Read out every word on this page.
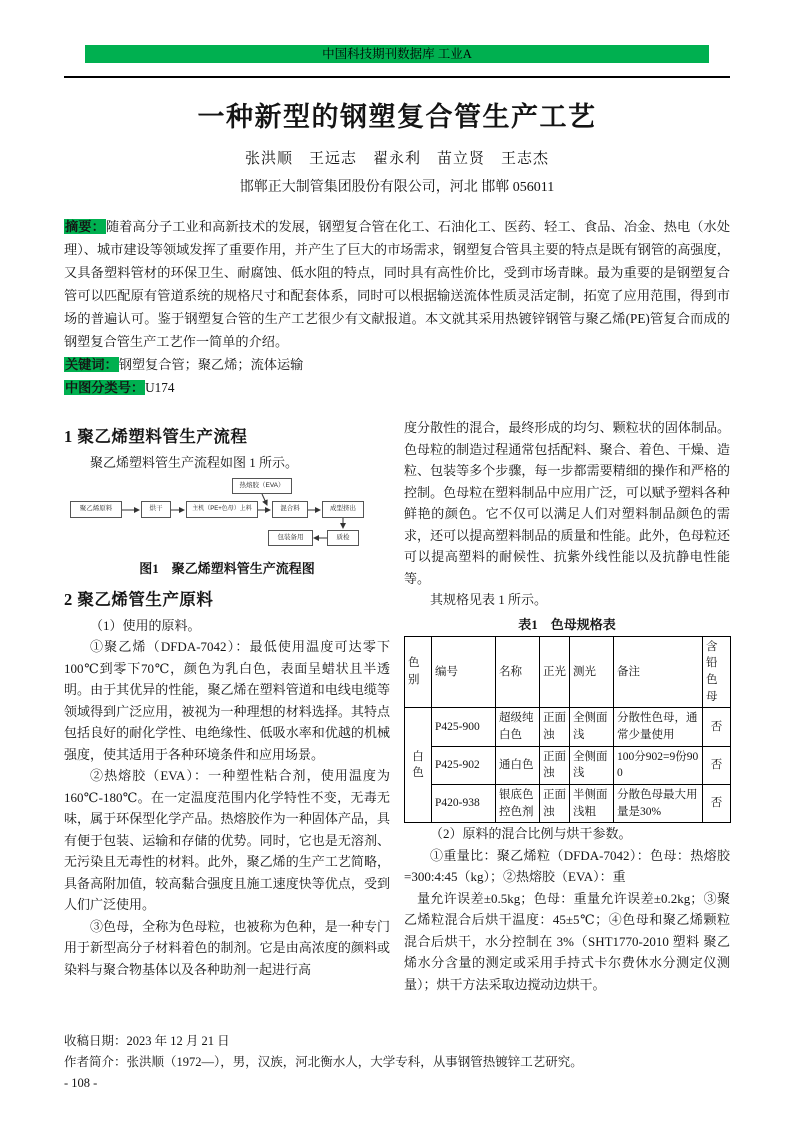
中国科技期刊数据库 工业A
一种新型的钢塑复合管生产工艺
张洪顺　王远志　翟永利　苗立贤　王志杰
邯郸正大制管集团股份有限公司，河北 邯郸 056011

摘要：随着高分子工业和高新技术的发展，钢塑复合管在化工、石油化工、医药、轻工、食品、冶金、热电（水处理）、城市建设等领域发挥了重要作用，并产生了巨大的市场需求，钢塑复合管具主要的特点是既有钢管的高强度，又具备塑料管材的环保卫生、耐腐蚀、低水阻的特点，同时具有高性价比，受到市场青睐。最为重要的是钢塑复合管可以匹配原有管道系统的规格尺寸和配套体系，同时可以根据输送流体性质灵活定制，拓宽了应用范围，得到市场的普遍认可。鉴于钢塑复合管的生产工艺很少有文献报道。本文就其采用热镀锌钢管与聚乙烯(PE)管复合而成的钢塑复合管生产工艺作一简单的介绍。

关键词：钢塑复合管；聚乙烯；流体运输

中图分类号：U174

1 聚乙烯塑料管生产流程

聚乙烯塑料管生产流程如图 1 所示。

聚乙烯原料	烘干	主机（PE+色母）上料
热熔胶（EVA）
混合料	成型挤出
质检
包装备用
图1　聚乙烯塑料管生产流程图
2 聚乙烯管生产原料

（1）使用的原料。

①聚乙烯（DFDA-7042）：最低使用温度可达零下100℃到零下70℃，颜色为乳白色，表面呈蜡状且半透明。由于其优异的性能，聚乙烯在塑料管道和电线电缆等领域得到广泛应用，被视为一种理想的材料选择。其特点包括良好的耐化学性、电绝缘性、低吸水率和优越的机械强度，使其适用于各种环境条件和应用场景。

②热熔胶（EVA）：一种塑性粘合剂，使用温度为160℃-180℃。在一定温度范围内化学特性不变，无毒无味，属于环保型化学产品。热熔胶作为一种固体产品，具有便于包装、运输和存储的优势。同时，它也是无溶剂、无污染且无毒性的材料。此外，聚乙烯的生产工艺简略，具备高附加值，较高黏合强度且施工速度快等优点，受到人们广泛使用。

③色母，全称为色母粒，也被称为色种，是一种专门用于新型高分子材料着色的制剂。它是由高浓度的颜料或染料与聚合物基体以及各种助剂一起进行高

度分散性的混合，最终形成的均匀、颗粒状的固体制品。色母粒的制造过程通常包括配料、聚合、着色、干燥、造粒、包装等多个步骤，每一步都需要精细的操作和严格的控制。色母粒在塑料制品中应用广泛，可以赋予塑料各种鲜艳的颜色。它不仅可以满足人们对塑料制品颜色的需求，还可以提高塑料制品的质量和性能。此外，色母粒还可以提高塑料的耐候性、抗紫外线性能以及抗静电性能等。

其规格见表 1 所示。

表1　色母规格表
色别	编号	名称	正光	测光	备注	含铅色母
白色	P425-900	超级纯白色	正面浊	全侧面浅	分散性色母，通常少量使用	否
	P425-902	通白色	正面浊	全侧面浅	100分902=9份900	否
	P420-938	银底色控色剂	正面浊	半侧面浅粗	分散色母最大用量是30%	否

（2）原料的混合比例与烘干参数。

①重量比：聚乙烯粒（DFDA-7042）：色母：热熔胶=300:4:45（kg）；②热熔胶（EVA）：重

量允许误差±0.5kg；色母：重量允许误差±0.2kg；③聚乙烯粒混合后烘干温度：45±5℃；④色母和聚乙烯颗粒混合后烘干，水分控制在 3%（SHT1770-2010 塑料 聚乙烯水分含量的测定或采用手持式卡尔费休水分测定仪测量）；烘干方法采取边搅动边烘干。

收稿日期：2023 年 12 月 21 日

作者简介：张洪顺（1972—），男，汉族，河北衡水人，大学专科，从事钢管热镀锌工艺研究。

- 108 -
